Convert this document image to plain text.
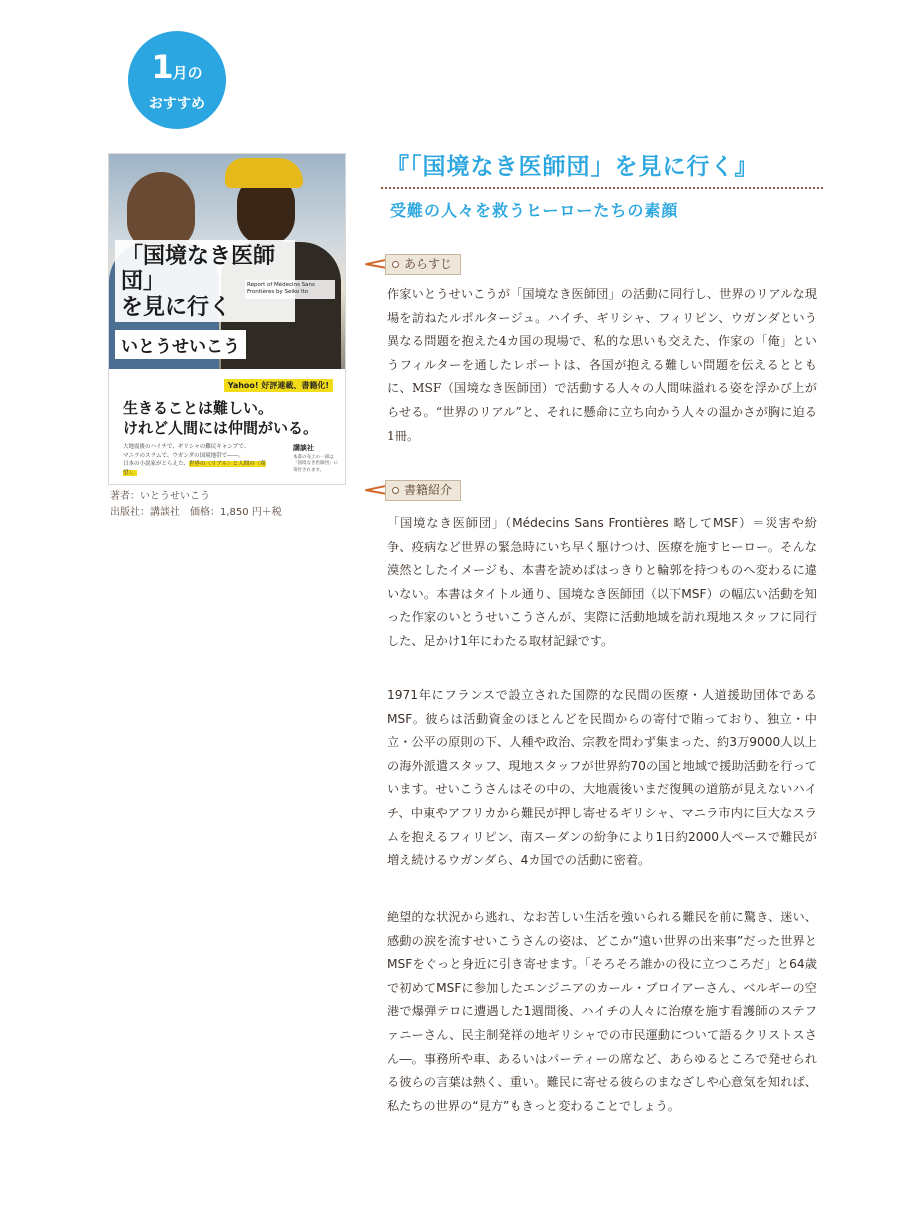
1月の
おすすめ
「国境なき医師団」
を見に行く
Report of Médecins Sans Frontières by Seiko Ito
いとうせいこう
Yahoo! 好評連載、書籍化!
生きることは難しい。
けれど人間には仲間がいる。
大地震後のハイチで、ギリシャの難民キャンプで、
マニラのスラムで、ウガンダの国境地帯で――。
日本の小説家がとらえた、世界の〈リアル〉と人間の〈希望〉。
講談社
本書の売上の一部は「国境なき医師団」に寄付されます。
著者：いとうせいこう
出版社：講談社　価格：1,850 円＋税
『「国境なき医師団」を見に行く』
受難の人々を救うヒーローたちの素顔
あらすじ

作家いとうせいこうが「国境なき医師団」の活動に同行し、世界のリアルな現場を訪ねたルポルタージュ。ハイチ、ギリシャ、フィリピン、ウガンダという異なる問題を抱えた4カ国の現場で、私的な思いも交えた、作家の「俺」というフィルターを通したレポートは、各国が抱える難しい問題を伝えるとともに、MSF（国境なき医師団）で活動する人々の人間味溢れる姿を浮かび上がらせる。“世界のリアル”と、それに懸命に立ち向かう人々の温かさが胸に迫る1冊。

書籍紹介

「国境なき医師団」（Médecins Sans Frontières 略してMSF）＝災害や紛争、疫病など世界の緊急時にいち早く駆けつけ、医療を施すヒーロー。そんな漠然としたイメージも、本書を読めばはっきりと輪郭を持つものへ変わるに違いない。本書はタイトル通り、国境なき医師団（以下MSF）の幅広い活動を知った作家のいとうせいこうさんが、実際に活動地域を訪れ現地スタッフに同行した、足かけ1年にわたる取材記録です。

1971年にフランスで設立された国際的な民間の医療・人道援助団体であるMSF。彼らは活動資金のほとんどを民間からの寄付で賄っており、独立・中立・公平の原則の下、人種や政治、宗教を問わず集まった、約3万9000人以上の海外派遣スタッフ、現地スタッフが世界約70の国と地域で援助活動を行っています。せいこうさんはその中の、大地震後いまだ復興の道筋が見えないハイチ、中東やアフリカから難民が押し寄せるギリシャ、マニラ市内に巨大なスラムを抱えるフィリピン、南スーダンの紛争により1日約2000人ペースで難民が増え続けるウガンダら、4カ国での活動に密着。

絶望的な状況から逃れ、なお苦しい生活を強いられる難民を前に驚き、迷い、感動の涙を流すせいこうさんの姿は、どこか“遠い世界の出来事”だった世界とMSFをぐっと身近に引き寄せます。「そろそろ誰かの役に立つころだ」と64歳で初めてMSFに参加したエンジニアのカール・ブロイアーさん、ベルギーの空港で爆弾テロに遭遇した1週間後、ハイチの人々に治療を施す看護師のステファニーさん、民主制発祥の地ギリシャでの市民運動について語るクリストスさん―。事務所や車、あるいはパーティーの席など、あらゆるところで発せられる彼らの言葉は熱く、重い。難民に寄せる彼らのまなざしや心意気を知れば、私たちの世界の“見方”もきっと変わることでしょう。
